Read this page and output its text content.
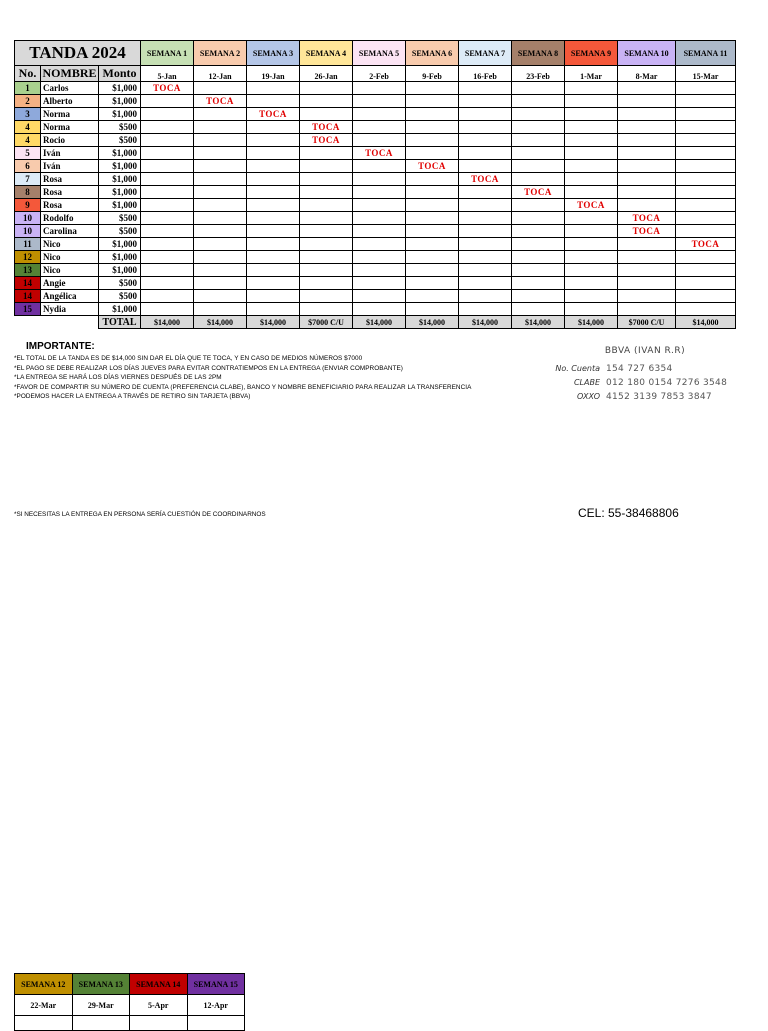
TANDA 2024			SEMANA 1	SEMANA 2	SEMANA 3	SEMANA 4	SEMANA 5	SEMANA 6	SEMANA 7	SEMANA 8	SEMANA 9	SEMANA 10	SEMANA 11
No.	NOMBRE	Monto	5-Jan	12-Jan	19-Jan	26-Jan	2-Feb	9-Feb	16-Feb	23-Feb	1-Mar	8-Mar	15-Mar
1	Carlos	$1,000	TOCA										
2	Alberto	$1,000		TOCA									
3	Norma	$1,000			TOCA								
4	Norma	$500				TOCA							
4	Rocio	$500				TOCA							
5	Iván	$1,000					TOCA						
6	Iván	$1,000						TOCA					
7	Rosa	$1,000							TOCA				
8	Rosa	$1,000								TOCA			
9	Rosa	$1,000									TOCA		
10	Rodolfo	$500										TOCA	
10	Carolina	$500										TOCA	
11	Nico	$1,000											TOCA
12	Nico	$1,000											
13	Nico	$1,000											
14	Angie	$500											
14	Angélica	$500											
15	Nydia	$1,000											
		TOTAL	$14,000	$14,000	$14,000	$7000 C/U	$14,000	$14,000	$14,000	$14,000	$14,000	$7000 C/U	$14,000
IMPORTANTE:
*EL TOTAL DE LA TANDA ES DE $14,000 SIN DAR EL DÍA QUE TE TOCA, Y EN CASO DE MEDIOS NÚMEROS $7000
*EL PAGO SE DEBE REALIZAR LOS DÍAS JUEVES PARA EVITAR CONTRATIEMPOS EN LA ENTREGA (ENVIAR COMPROBANTE)
*LA ENTREGA SE HARÁ LOS DÍAS VIERNES DESPUÉS DE LAS 2PM
*FAVOR DE COMPARTIR SU NÚMERO DE CUENTA (PREFERENCIA CLABE), BANCO Y NOMBRE BENEFICIARIO PARA REALIZAR LA TRANSFERENCIA
*PODEMOS HACER LA ENTREGA A TRAVÉS DE RETIRO SIN TARJETA (BBVA)
BBVA (IVAN R.R)
No. Cuenta 154 727 6354
CLABE 012 180 0154 7276 3548
OXXO 4152 3139 7853 3847
*SI NECESITAS LA ENTREGA EN PERSONA SERÍA CUESTIÓN DE COORDINARNOS	CEL: 55-38468806
SEMANA 12	SEMANA 13	SEMANA 14	SEMANA 15
22-Mar	29-Mar	5-Apr	12-Apr
